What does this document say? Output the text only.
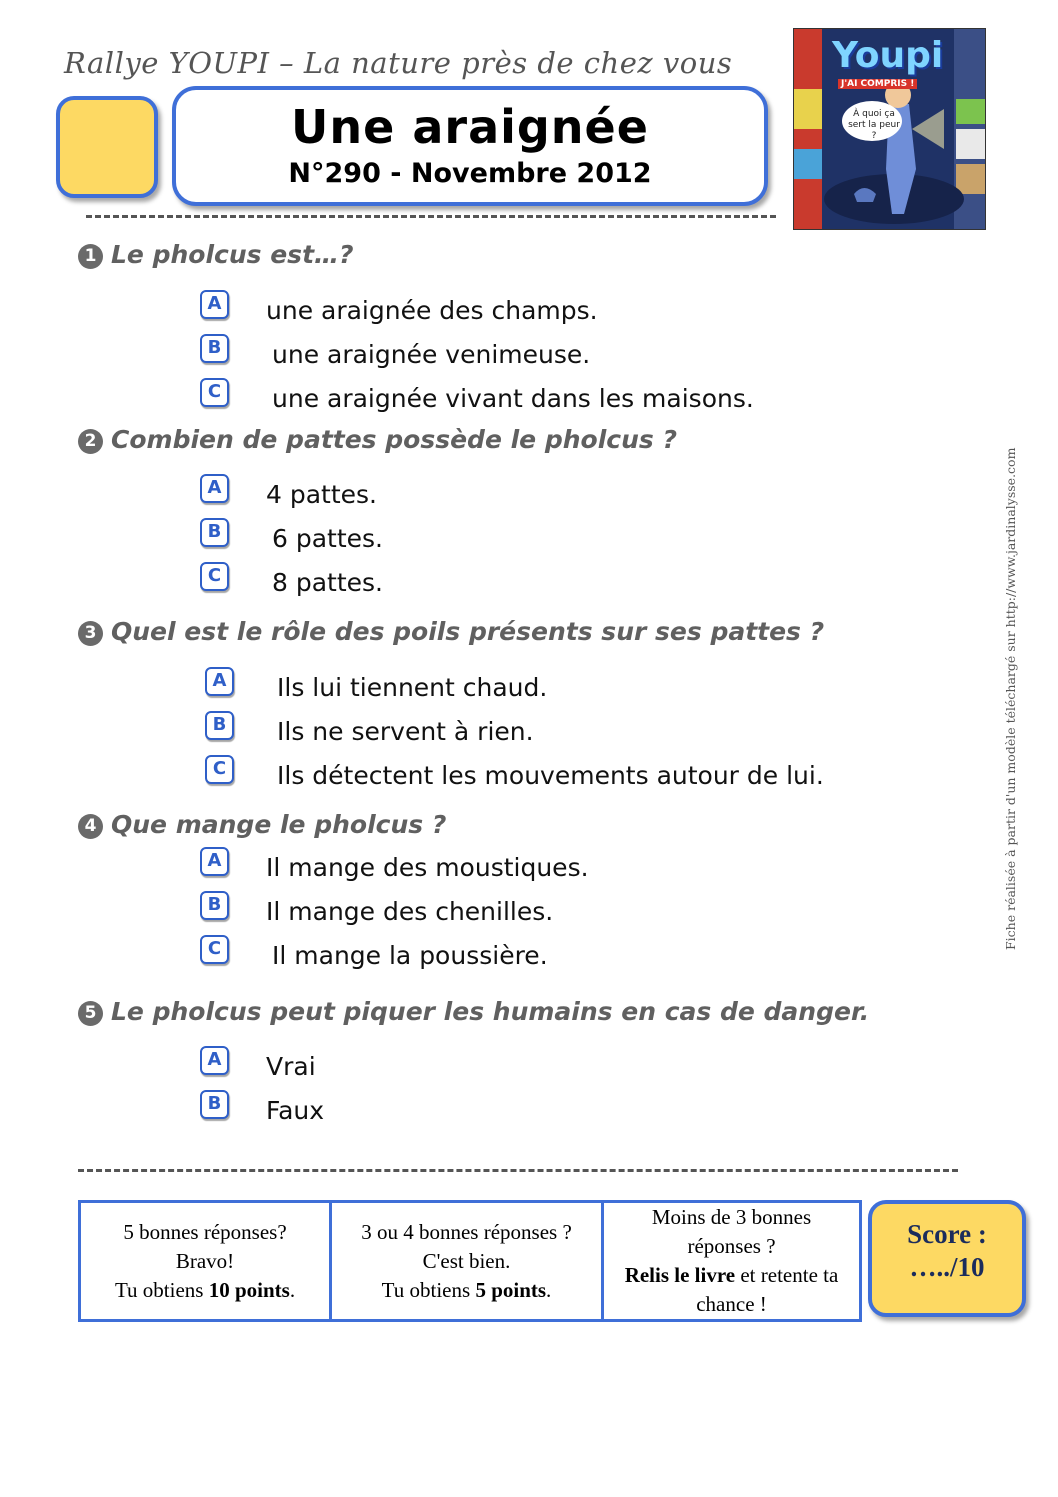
Rallye YOUPI – La nature près de chez vous
Une araignée
N°290 - Novembre 2012
Youpi
J'AI COMPRIS !
À quoi ça sert la peur ?
1 Le pholcus est…?
A	une araignée des champs.
B	une araignée venimeuse.
C	une araignée vivant dans les maisons.
2 Combien de pattes possède le pholcus ?
A	4 pattes.
B	6 pattes.
C	8 pattes.
3 Quel est le rôle des poils présents sur ses pattes ?
A	Ils lui tiennent chaud.
B	Ils ne servent à rien.
C	Ils détectent les mouvements autour de lui.
4 Que mange le pholcus ?
A	Il mange des moustiques.
B	Il mange des chenilles.
C	Il mange la poussière.
5 Le pholcus peut piquer les humains en cas de danger.
A	Vrai
B	Faux
Fiche réalisée à partir d'un modèle téléchargé sur http://www.jardinalysse.com
5 bonnes réponses?
Bravo!
Tu obtiens 10 points.
3 ou 4 bonnes réponses ?
C'est bien.
Tu obtiens 5 points.
Moins de 3 bonnes réponses ?
Relis le livre et retente ta chance !
Score :
…../10
